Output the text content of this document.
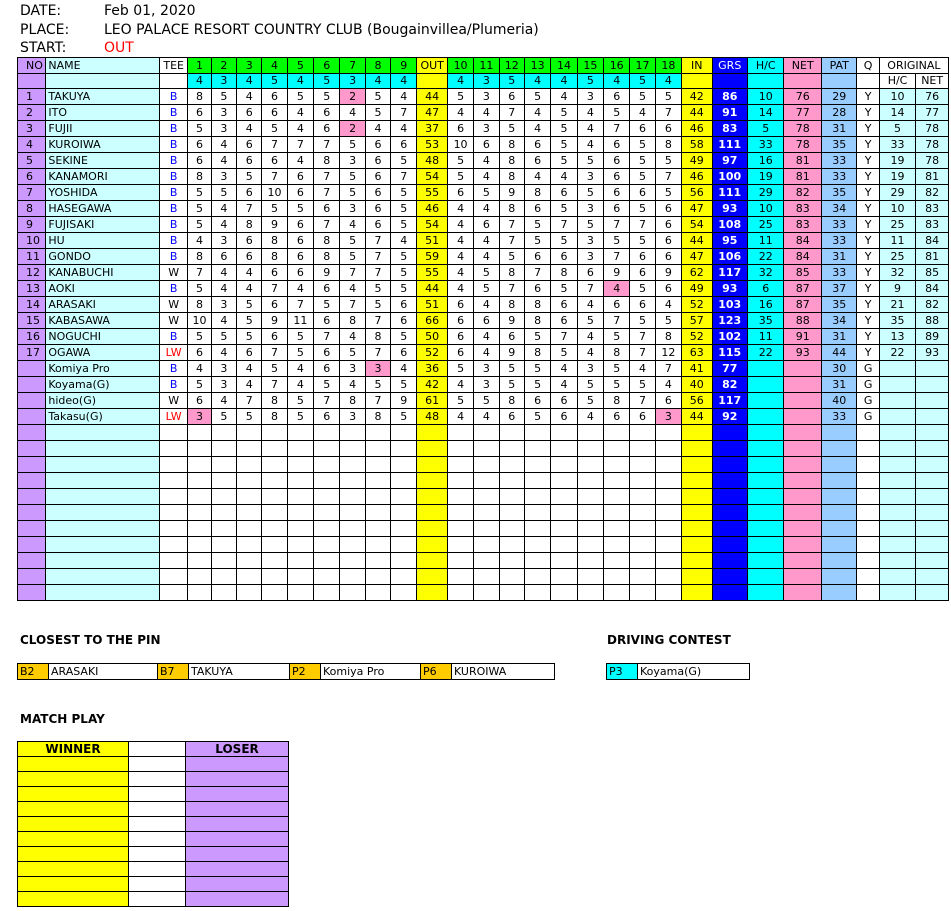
DATE:	Feb 01, 2020
PLACE: LEO PALACE RESORT COUNTRY CLUB (Bougainvillea/Plumeria)
START:	OUT
NO	NAME	TEE	1	2	3	4	5	6	7	8	9	OUT	10	11	12	13	14	15	16	17	18	IN	GRS	H/C	NET	PAT	Q	ORIGINAL	
			4	3	4	5	4	5	3	4	4		4	3	5	4	4	5	4	5	4							H/C	NET
1	TAKUYA	B	8	5	4	6	5	5	2	5	4	44	5	3	6	5	4	3	6	5	5	42	86	10	76	29	Y	10	76
2	ITO	B	6	3	6	6	4	6	4	5	7	47	4	4	7	4	5	4	5	4	7	44	91	14	77	28	Y	14	77
3	FUJII	B	5	3	4	5	4	6	2	4	4	37	6	3	5	4	5	4	7	6	6	46	83	5	78	31	Y	5	78
4	KUROIWA	B	6	4	6	7	7	7	5	6	6	53	10	6	8	6	5	4	6	5	8	58	111	33	78	35	Y	33	78
5	SEKINE	B	6	4	6	6	4	8	3	6	5	48	5	4	8	6	5	5	6	5	5	49	97	16	81	33	Y	19	78
6	KANAMORI	B	8	3	5	7	6	7	5	6	7	54	5	4	8	4	4	3	6	5	7	46	100	19	81	33	Y	19	81
7	YOSHIDA	B	5	5	6	10	6	7	5	6	5	55	6	5	9	8	6	5	6	6	5	56	111	29	82	35	Y	29	82
8	HASEGAWA	B	5	4	7	5	5	6	3	6	5	46	4	4	8	6	5	3	6	5	6	47	93	10	83	34	Y	10	83
9	FUJISAKI	B	5	4	8	9	6	7	4	6	5	54	4	6	7	5	7	5	7	7	6	54	108	25	83	33	Y	25	83
10	HU	B	4	3	6	8	6	8	5	7	4	51	4	4	7	5	5	3	5	5	6	44	95	11	84	33	Y	11	84
11	GONDO	B	8	6	6	8	6	8	5	7	5	59	4	4	5	6	6	3	7	6	6	47	106	22	84	31	Y	25	81
12	KANABUCHI	W	7	4	4	6	6	9	7	7	5	55	4	5	8	7	8	6	9	6	9	62	117	32	85	33	Y	32	85
13	AOKI	B	5	4	4	7	4	6	4	5	5	44	4	5	7	6	5	7	4	5	6	49	93	6	87	37	Y	9	84
14	ARASAKI	W	8	3	5	6	7	5	7	5	6	51	6	4	8	8	6	4	6	6	4	52	103	16	87	35	Y	21	82
15	KABASAWA	W	10	4	5	9	11	6	8	7	6	66	6	6	9	8	6	5	7	5	5	57	123	35	88	34	Y	35	88
16	NOGUCHI	B	5	5	5	6	5	7	4	8	5	50	6	4	6	5	7	4	5	7	8	52	102	11	91	31	Y	13	89
17	OGAWA	LW	6	4	6	7	5	6	5	7	6	52	6	4	9	8	5	4	8	7	12	63	115	22	93	44	Y	22	93
	Komiya Pro	B	4	3	4	5	4	6	3	3	4	36	5	3	5	5	4	3	5	4	7	41	77			30	G		
	Koyama(G)	B	5	3	4	7	4	5	4	5	5	42	4	3	5	5	4	5	5	5	4	40	82			31	G		
	hideo(G)	W	6	4	7	8	5	7	8	7	9	61	5	5	8	6	6	5	8	7	6	56	117			40	G		
	Takasu(G)	LW	3	5	5	8	5	6	3	8	5	48	4	4	6	5	6	4	6	6	3	44	92			33	G		

CLOSEST TO THE PIN
B2	ARASAKI	B7	TAKUYA	P2	Komiya Pro	P6	KUROIWA
DRIVING CONTEST
P3	Koyama(G)
MATCH PLAY
WINNER		LOSER
